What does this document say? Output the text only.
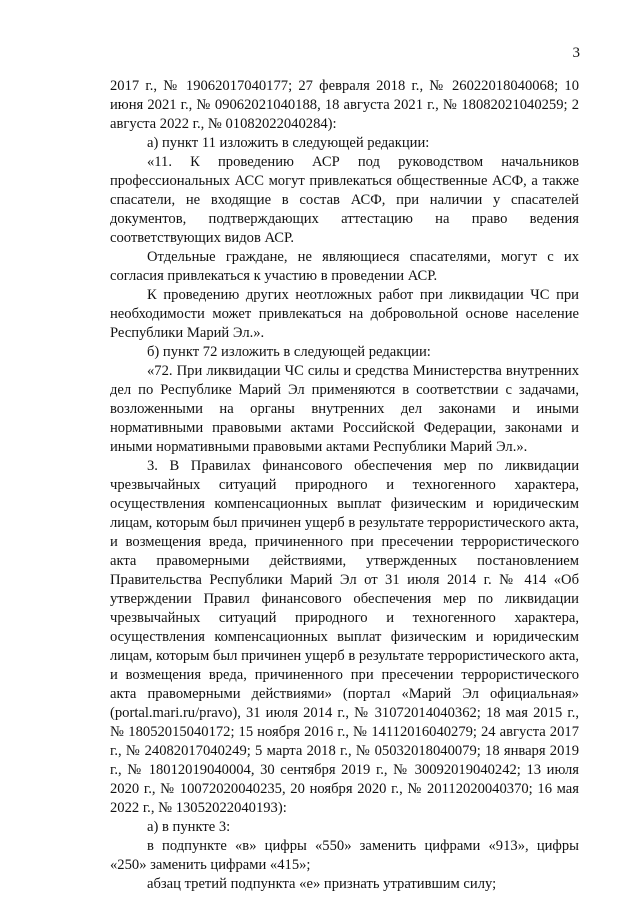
3

2017 г., № 19062017040177; 27 февраля 2018 г., № 26022018040068; 10 июня 2021 г., № 09062021040188, 18 августа 2021 г., № 18082021040259; 2 августа 2022 г., № 01082022040284):

а) пункт 11 изложить в следующей редакции:

«11. К проведению АСР под руководством начальников профессиональных АСС могут привлекаться общественные АСФ, а также спасатели, не входящие в состав АСФ, при наличии у спасателей документов, подтверждающих аттестацию на право ведения соответствующих видов АСР.

Отдельные граждане, не являющиеся спасателями, могут с их согласия привлекаться к участию в проведении АСР.

К проведению других неотложных работ при ликвидации ЧС при необходимости может привлекаться на добровольной основе население Республики Марий Эл.».

б) пункт 72 изложить в следующей редакции:

«72. При ликвидации ЧС силы и средства Министерства внутренних дел по Республике Марий Эл применяются в соответствии с задачами, возложенными на органы внутренних дел законами и иными нормативными правовыми актами Российской Федерации, законами и иными нормативными правовыми актами Республики Марий Эл.».

3. В Правилах финансового обеспечения мер по ликвидации чрезвычайных ситуаций природного и техногенного характера, осуществления компенсационных выплат физическим и юридическим лицам, которым был причинен ущерб в результате террористического акта, и возмещения вреда, причиненного при пресечении террористического акта правомерными действиями, утвержденных постановлением Правительства Республики Марий Эл от 31 июля 2014 г. № 414 «Об утверждении Правил финансового обеспечения мер по ликвидации чрезвычайных ситуаций природного и техногенного характера, осуществления компенсационных выплат физическим и юридическим лицам, которым был причинен ущерб в результате террористического акта, и возмещения вреда, причиненного при пресечении террористического акта правомерными действиями» (портал «Марий Эл официальная» (portal.mari.ru/pravo), 31 июля 2014 г., № 31072014040362; 18 мая 2015 г., № 18052015040172; 15 ноября 2016 г., № 14112016040279; 24 августа 2017 г., № 24082017040249; 5 марта 2018 г., № 05032018040079; 18 января 2019 г., № 18012019040004, 30 сентября 2019 г., № 30092019040242; 13 июля 2020 г., № 10072020040235, 20 ноября 2020 г., № 20112020040370; 16 мая 2022 г., № 13052022040193):

а) в пункте 3:

в подпункте «в» цифры «550» заменить цифрами «913», цифры «250» заменить цифрами «415»;

абзац третий подпункта «е» признать утратившим силу;
